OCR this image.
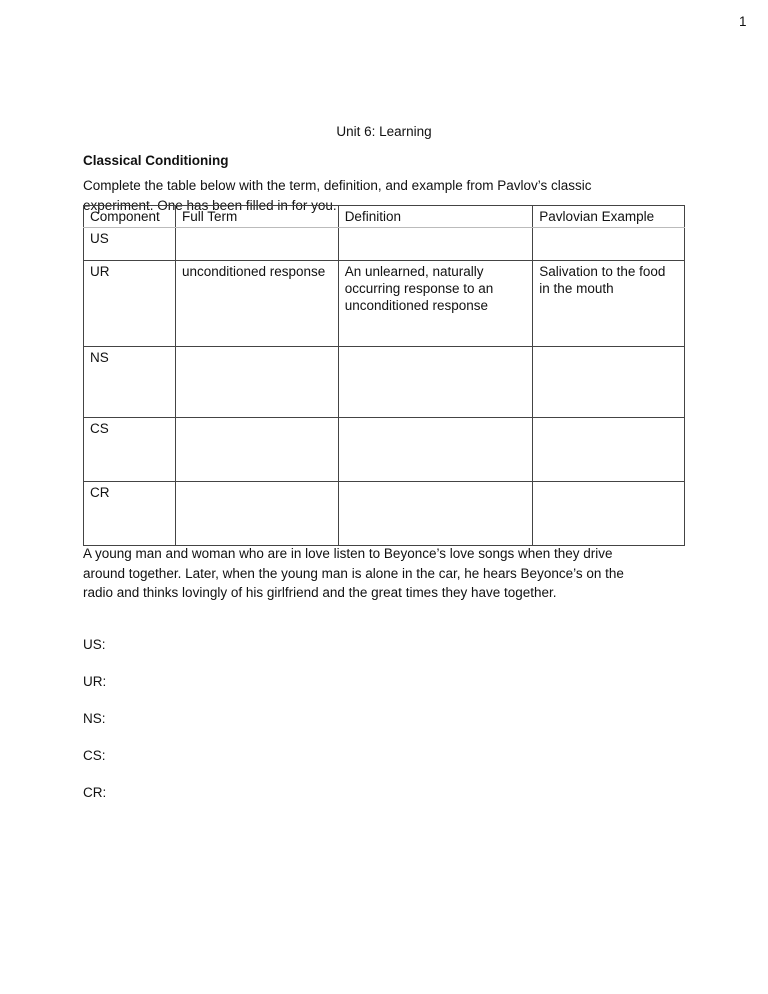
1
Unit 6: Learning
Classical Conditioning
Complete the table below with the term, definition, and example from Pavlov’s classic
experiment. One has been filled in for you.
Component	Full Term	Definition	Pavlovian Example
US			
UR	unconditioned response	An unlearned, naturally occurring response to an unconditioned response	Salivation to the food in the mouth
NS			
CS			
CR			
A young man and woman who are in love listen to Beyonce’s love songs when they drive
around together. Later, when the young man is alone in the car, he hears Beyonce’s on the
radio and thinks lovingly of his girlfriend and the great times they have together.
US:
UR:
NS:
CS:
CR:
